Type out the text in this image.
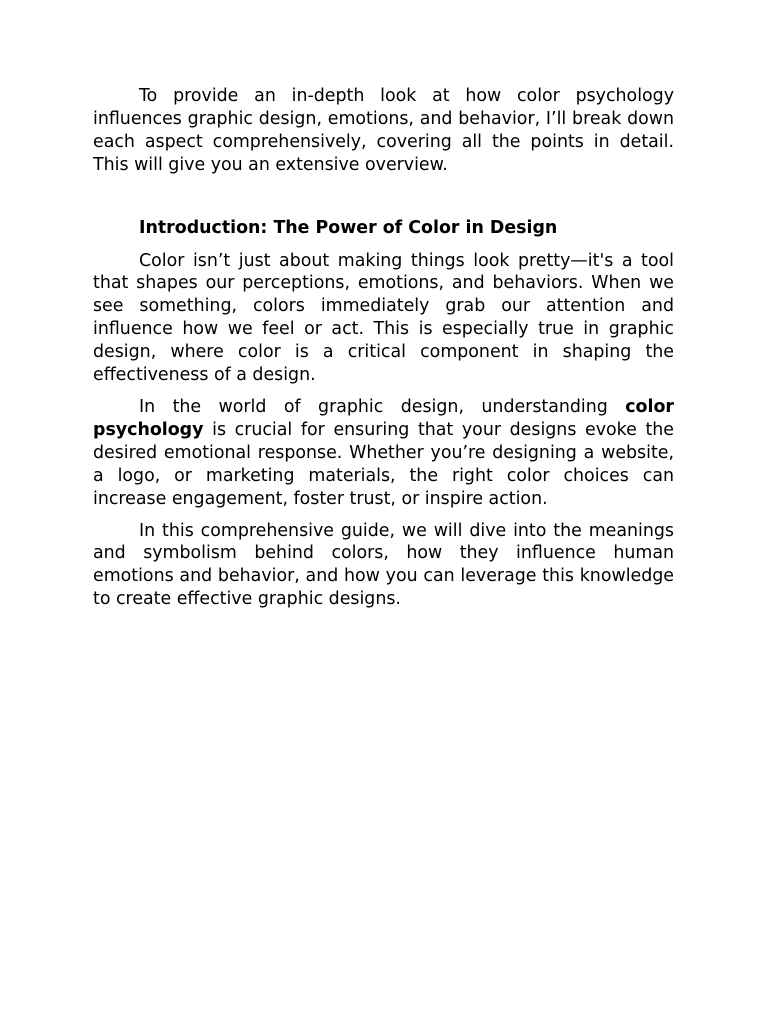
To provide an in-depth look at how color psychology influences graphic design, emotions, and behavior, I’ll break down each aspect comprehensively, covering all the points in detail. This will give you an extensive overview.

Introduction: The Power of Color in Design

Color isn’t just about making things look pretty—it's a tool that shapes our perceptions, emotions, and behaviors. When we see something, colors immediately grab our attention and influence how we feel or act. This is especially true in graphic design, where color is a critical component in shaping the effectiveness of a design.

In the world of graphic design, understanding color psychology is crucial for ensuring that your designs evoke the desired emotional response. Whether you’re designing a website, a logo, or marketing materials, the right color choices can increase engagement, foster trust, or inspire action.

In this comprehensive guide, we will dive into the meanings and symbolism behind colors, how they influence human emotions and behavior, and how you can leverage this knowledge to create effective graphic designs.
